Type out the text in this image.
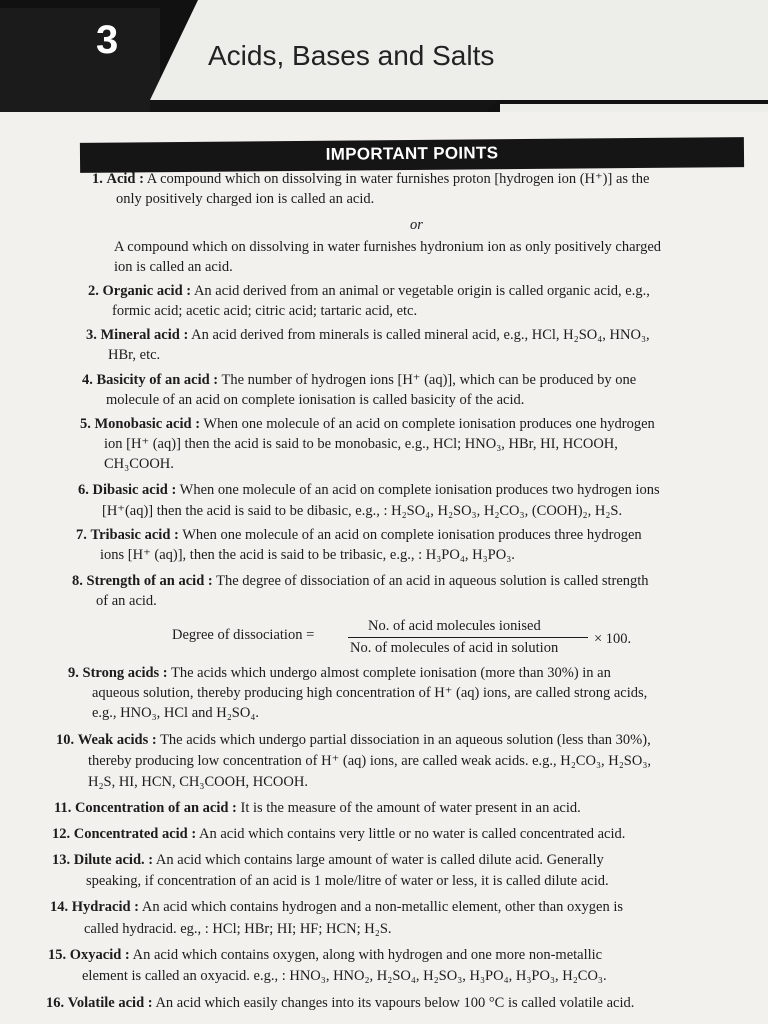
3	Acids, Bases and Salts
IMPORTANT POINTS
1. Acid : A compound which on dissolving in water furnishes proton [hydrogen ion (H⁺)] as the
only positively charged ion is called an acid.
or
A compound which on dissolving in water furnishes hydronium ion as only positively charged
ion is called an acid.
2. Organic acid : An acid derived from an animal or vegetable origin is called organic acid, e.g.,
formic acid; acetic acid; citric acid; tartaric acid, etc.
3. Mineral acid : An acid derived from minerals is called mineral acid, e.g., HCl, H₂SO₄, HNO₃,
HBr, etc.
4. Basicity of an acid : The number of hydrogen ions [H⁺ (aq)], which can be produced by one
molecule of an acid on complete ionisation is called basicity of the acid.
5. Monobasic acid : When one molecule of an acid on complete ionisation produces one hydrogen
ion [H⁺ (aq)] then the acid is said to be monobasic, e.g., HCl; HNO₃, HBr, HI, HCOOH,
CH₃COOH.
6. Dibasic acid : When one molecule of an acid on complete ionisation produces two hydrogen ions
[H⁺(aq)] then the acid is said to be dibasic, e.g., : H₂SO₄, H₂SO₃, H₂CO₃, (COOH)₂, H₂S.
7. Tribasic acid : When one molecule of an acid on complete ionisation produces three hydrogen
ions [H⁺ (aq)], then the acid is said to be tribasic, e.g., : H₃PO₄, H₃PO₃.
8. Strength of an acid : The degree of dissociation of an acid in aqueous solution is called strength
of an acid.
Degree of dissociation =
No. of acid molecules ionised
No. of molecules of acid in solution
× 100.
9. Strong acids : The acids which undergo almost complete ionisation (more than 30%) in an
aqueous solution, thereby producing high concentration of H⁺ (aq) ions, are called strong acids,
e.g., HNO₃, HCl and H₂SO₄.
10. Weak acids : The acids which undergo partial dissociation in an aqueous solution (less than 30%),
thereby producing low concentration of H⁺ (aq) ions, are called weak acids. e.g., H₂CO₃, H₂SO₃,
H₂S, HI, HCN, CH₃COOH, HCOOH.
11. Concentration of an acid : It is the measure of the amount of water present in an acid.
12. Concentrated acid : An acid which contains very little or no water is called concentrated acid.
13. Dilute acid. : An acid which contains large amount of water is called dilute acid. Generally
speaking, if concentration of an acid is 1 mole/litre of water or less, it is called dilute acid.
14. Hydracid : An acid which contains hydrogen and a non-metallic element, other than oxygen is
called hydracid. eg., : HCl; HBr; HI; HF; HCN; H₂S.
15. Oxyacid : An acid which contains oxygen, along with hydrogen and one more non-metallic
element is called an oxyacid. e.g., : HNO₃, HNO₂, H₂SO₄, H₂SO₃, H₃PO₄, H₃PO₃, H₂CO₃.
16. Volatile acid : An acid which easily changes into its vapours below 100 °C is called volatile acid.
